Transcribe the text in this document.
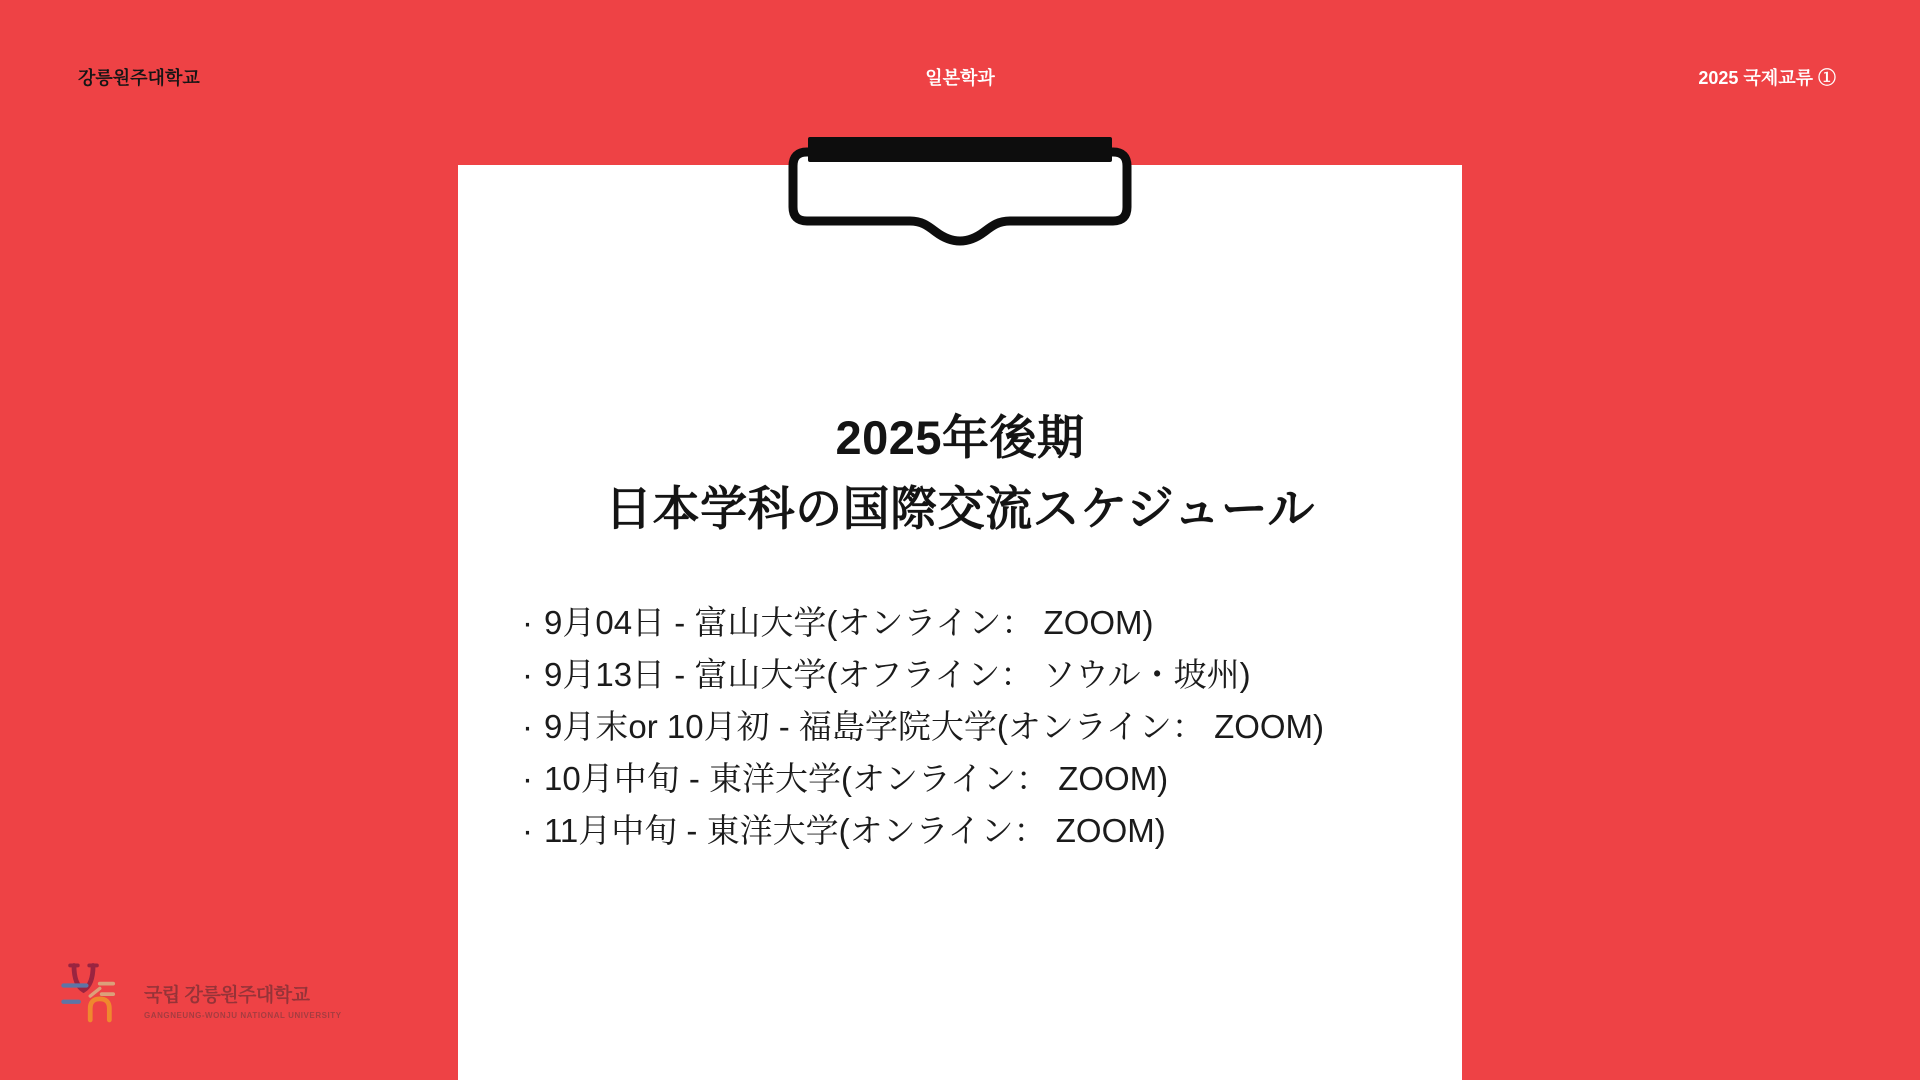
강릉원주대학교	일본학과	2025 국제교류 ①
2025年後期
日本学科の国際交流スケジュール
· 9月04日 - 富山大学(オンライン： ZOOM)
· 9月13日 - 富山大学(オフライン： ソウル・坡州)
· 9月末or 10月初 - 福島学院大学(オンライン： ZOOM)
· 10月中旬 - 東洋大学(オンライン： ZOOM)
· 11月中旬 - 東洋大学(オンライン： ZOOM)
국립 강릉원주대학교
GANGNEUNG-WONJU NATIONAL UNIVERSITY
